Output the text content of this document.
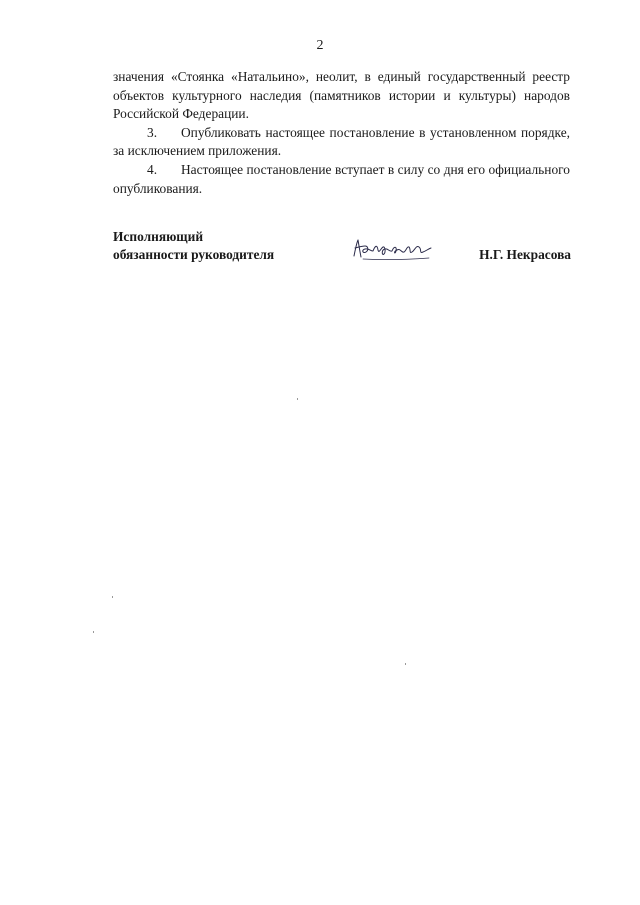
2

значения «Стоянка «Натальино», неолит, в единый государственный реестр объектов культурного наследия (памятников истории и культуры) народов Российской Федерации.

3. Опубликовать настоящее постановление в установленном порядке, за исключением приложения.

4. Настоящее постановление вступает в силу со дня его официального опубликования.

Исполняющий
обязанности руководителя	Н.Г. Некрасова
